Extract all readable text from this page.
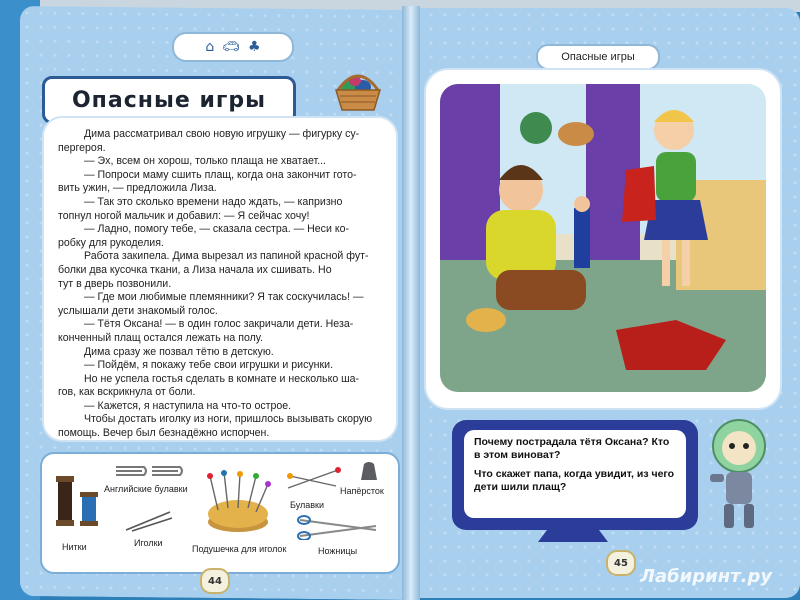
⌂ 🚗︎ ♣
Опасные игры

Дима рассматривал свою новую игрушку — фигурку су-

пергероя.

— Эх, всем он хорош, только плаща не хватает...

— Попроси маму сшить плащ, когда она закончит гото-

вить ужин, — предложила Лиза.

— Так это сколько времени надо ждать, — капризно

топнул ногой мальчик и добавил: — Я сейчас хочу!

— Ладно, помогу тебе, — сказала сестра. — Неси ко-

робку для рукоделия.

Работа закипела. Дима вырезал из папиной красной фут-

болки два кусочка ткани, а Лиза начала их сшивать. Но

тут в дверь позвонили.

— Где мои любимые племянники? Я так соскучилась! —

услышали дети знакомый голос.

— Тётя Оксана! — в один голос закричали дети. Неза-

конченный плащ остался лежать на полу.

Дима сразу же позвал тётю в детскую.

— Пойдём, я покажу тебе свои игрушки и рисунки.

Но не успела гостья сделать в комнате и несколько ша-

гов, как вскрикнула от боли.

— Кажется, я наступила на что-то острое.

Чтобы достать иголку из ноги, пришлось вызывать скорую

помощь. Вечер был безнадёжно испорчен.

Нитки
Английские булавки
Иголки
Подушечка для иголок
Булавки
Напёрсток
Ножницы
44
Опасные игры

Почему пострадала тётя Оксана? Кто в этом виноват?

Что скажет папа, когда увидит, из чего дети шили плащ?

45
Лабиринт.ру
